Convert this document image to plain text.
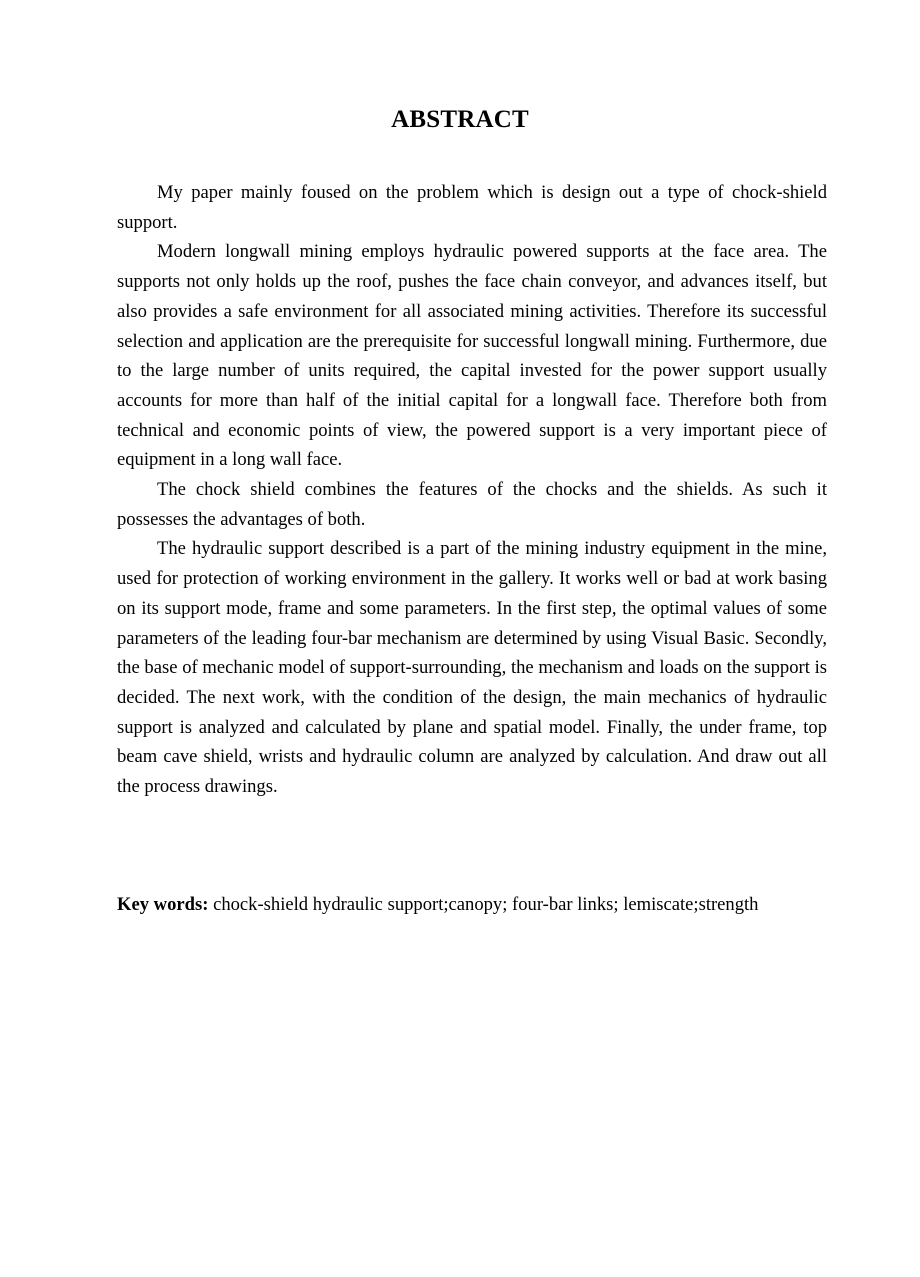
ABSTRACT

My paper mainly foused on the problem which is design out a type of chock-shield support.

Modern longwall mining employs hydraulic powered supports at the face area. The supports not only holds up the roof, pushes the face chain conveyor, and advances itself, but also provides a safe environment for all associated mining activities. Therefore its successful selection and application are the prerequisite for successful longwall mining. Furthermore, due to the large number of units required, the capital invested for the power support usually accounts for more than half of the initial capital for a longwall face. Therefore both from technical and economic points of view, the powered support is a very important piece of equipment in a long wall face.

The chock shield combines the features of the chocks and the shields. As such it possesses the advantages of both.

The hydraulic support described is a part of the mining industry equipment in the mine, used for protection of working environment in the gallery. It works well or bad at work basing on its support mode, frame and some parameters. In the first step, the optimal values of some parameters of the leading four-bar mechanism are determined by using Visual Basic. Secondly, the base of mechanic model of support-surrounding, the mechanism and loads on the support is decided. The next work, with the condition of the design, the main mechanics of hydraulic support is analyzed and calculated by plane and spatial model. Finally, the under frame, top beam cave shield, wrists and hydraulic column are analyzed by calculation. And draw out all the process drawings.

Key words: chock-shield hydraulic support;canopy; four-bar links; lemiscate;strength
